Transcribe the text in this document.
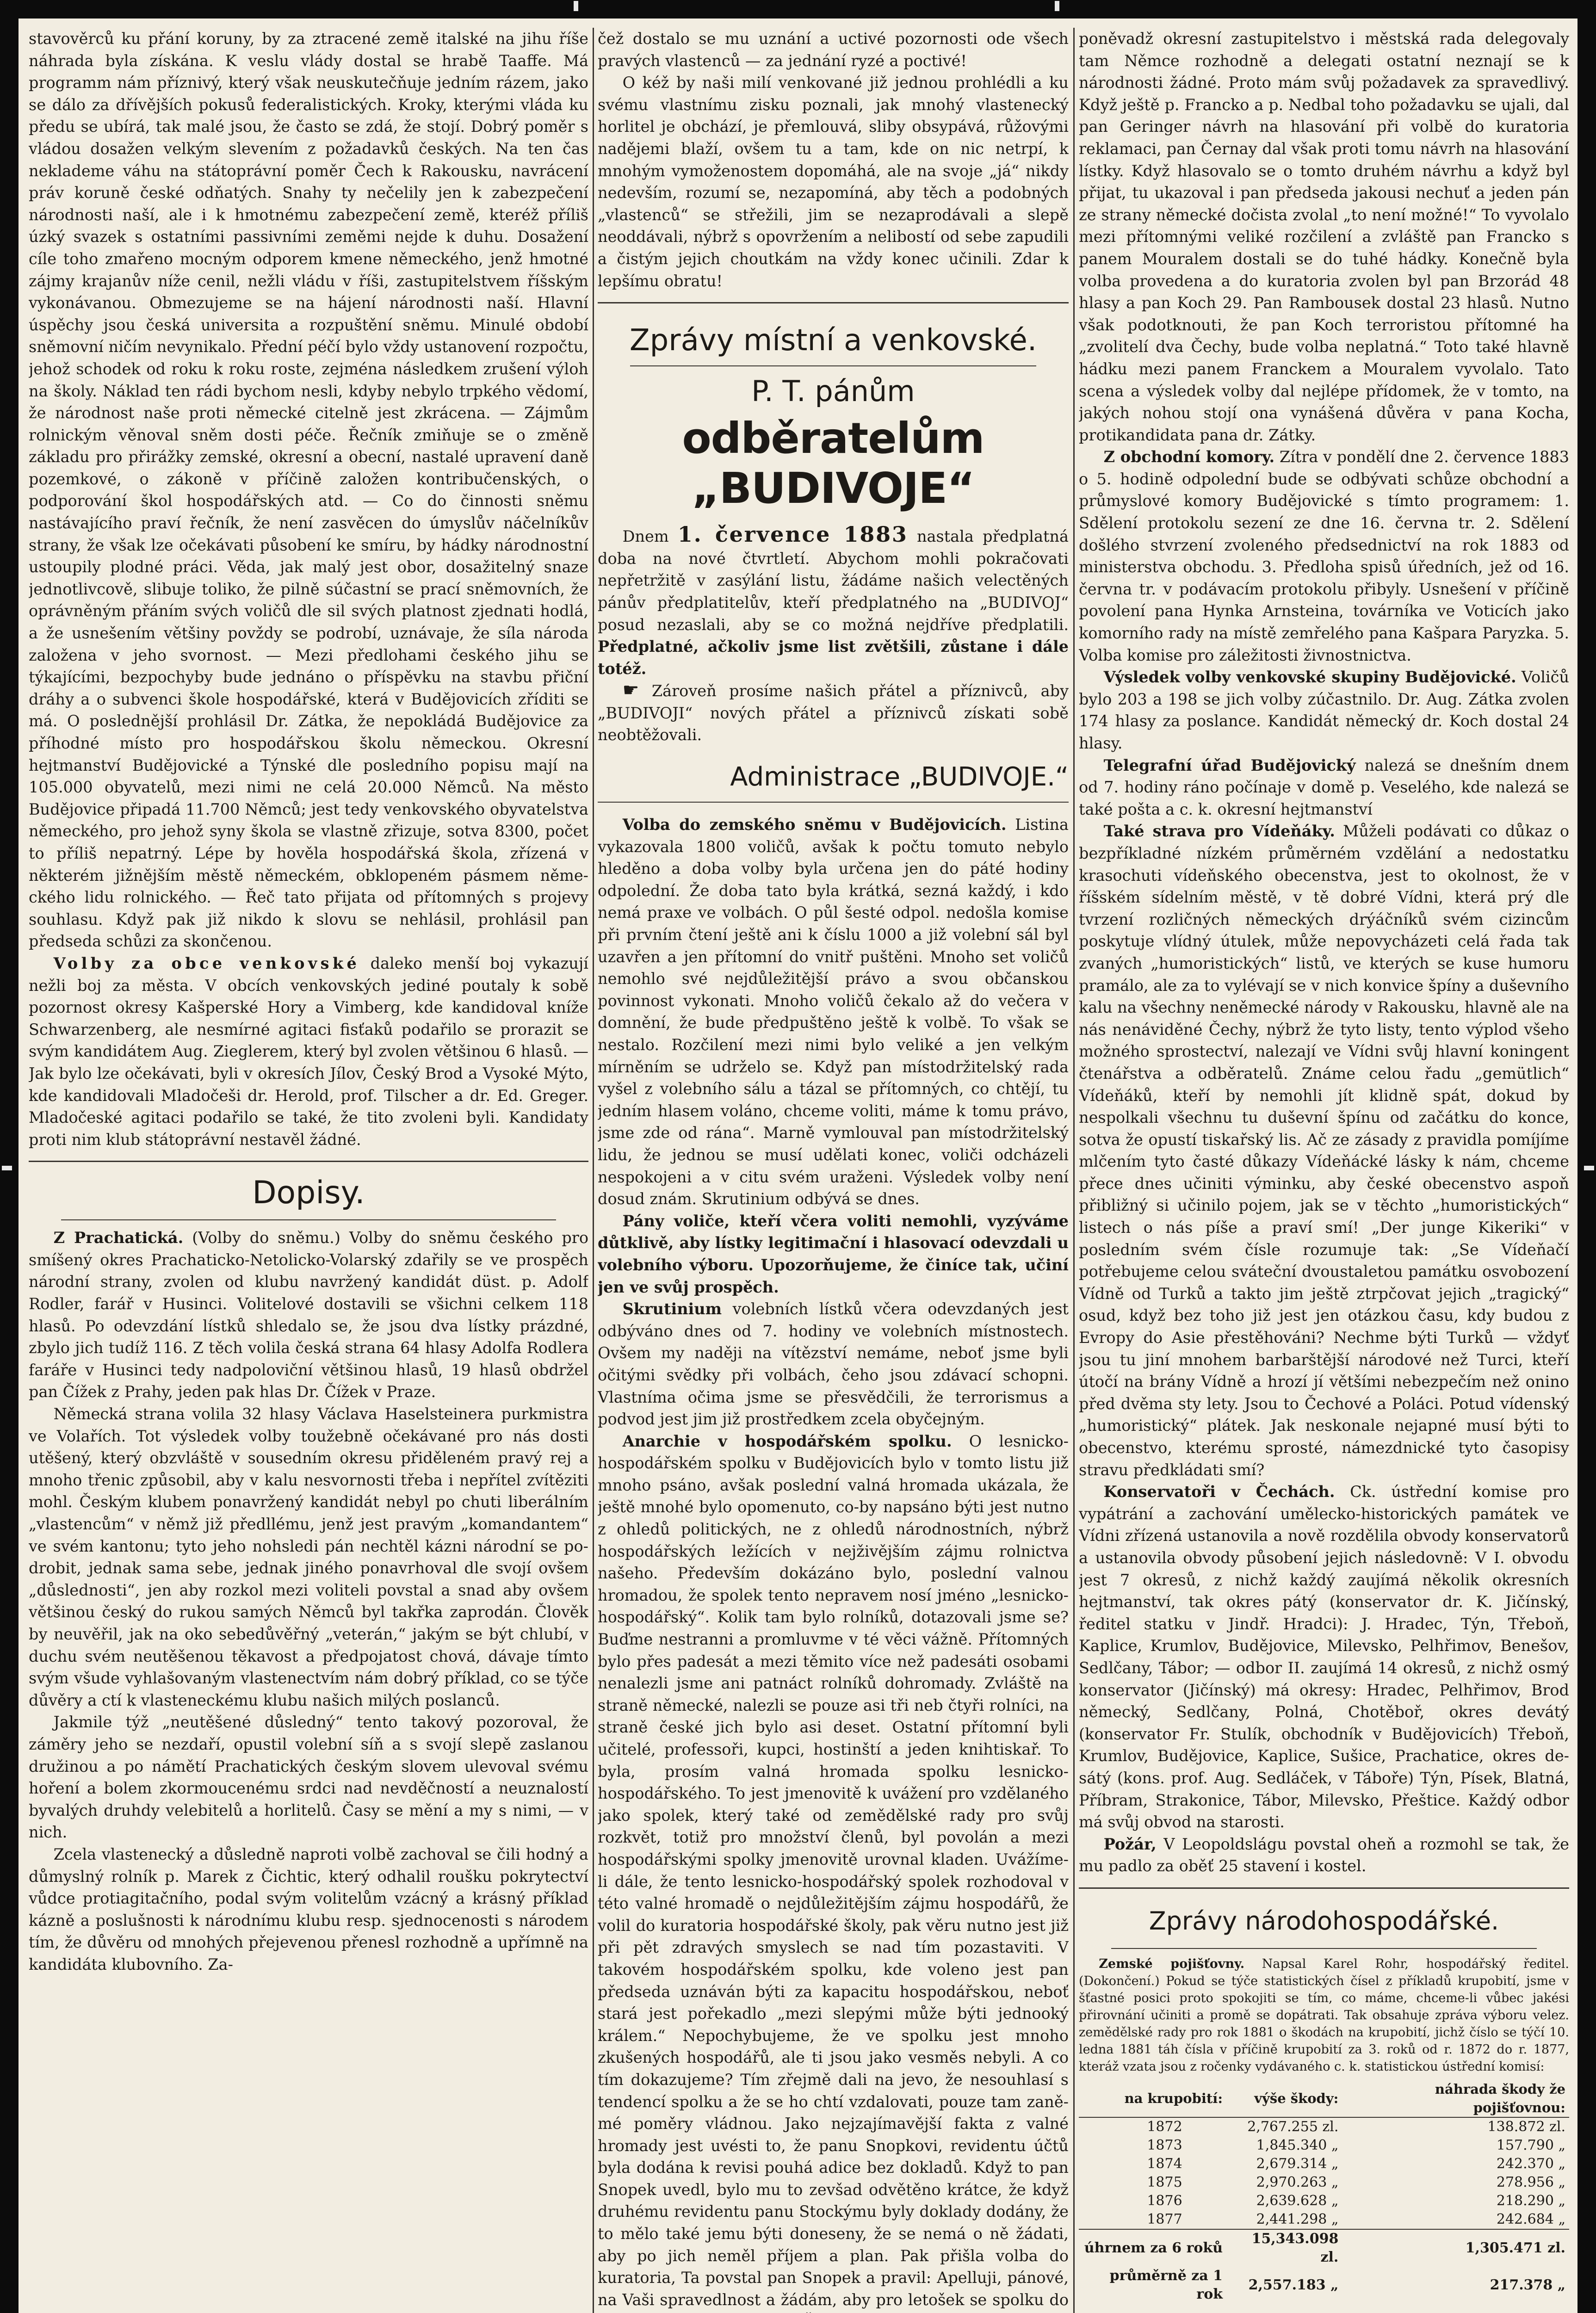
stavověrců ku přání koruny, by za ztracené země italské na jihu říše náhrada byla získána. K veslu vlády dostal se hrabě Taaffe. Má programm nám příznivý, který však neuskutečňuje jedním rázem, jako se dálo za dřívějších pokusů federalistických. Kroky, kterými vláda ku předu se ubírá, tak malé jsou, že často se zdá, že stojí. Dobrý poměr s vládou dosažen velkým slevením z požadavků českých. Na ten čas neklademe váhu na státoprávní poměr Čech k Rakousku, navrácení práv koruně české odňatých. Snahy ty nečelily jen k zabezpečení národnosti naší, ale i k hmotnému zabezpečení země, kteréž příliš úzký svazek s ostatními passivními zeměmi nejde k duhu. Dosažení cíle toho zmařeno mocným odporem kmene německého, jenž hmotné zájmy krajanův níže cenil, nežli vládu v říši, zastupitelstvem říšským vykonávanou. Obmezujeme se na hájení národnosti naší. Hlavní úspěchy jsou česká universita a rozpuštění sněmu. Minulé období sněmovní ničím nevynikalo. Přední péčí bylo vždy ustanovení rozpočtu, jehož schodek od roku k roku roste, zejména následkem zrušení výloh na školy. Náklad ten rádi bychom nesli, kdyby nebylo trpkého vědomí, že národnost naše proti německé citelně jest zkrácena. — Zájmům rolnickým věnoval sněm dosti péče. Řečník zmiňuje se o změně základu pro přirážky zemské, okresní a obecní, nastalé upravení daně pozemkové, o zákoně v příčině založen kontribučenských, o podporování škol hospodářských atd. — Co do činnosti sněmu nastávajícího praví řečník, že není zasvěcen do úmyslův náčelníkův strany, že však lze očekávati působení ke smíru, by hádky národnostní ustoupily plodné práci. Věda, jak malý jest obor, dosažitelný snaze jednotlivcově, slibuje toliko, že pilně súčastní se prací sněmovních, že oprávněným přáním svých voličů dle sil svých platnost zjednati hodlá, a že usnešením většiny povždy se podrobí, uznávaje, že síla národa založena v jeho svornost. — Mezi předlohami českého jihu se týkajícími, bezpochyby bude jednáno o příspěvku na stavbu přiční dráhy a o subvenci škole hospodářské, která v Budějovicích zříditi se má. O poslednější prohlásil Dr. Zátka, že nepokládá Budějovice za příhodné místo pro hospodářskou školu německou. Okresní hejtmanství Budějovické a Týnské dle posledního popisu mají na 105.000 obyvatelů, mezi nimi ne celá 20.000 Němců. Na město Budějovice připadá 11.700 Němců; jest tedy venkovského obyvatelstva německého, pro jehož syny škola se vlastně zřizuje, sotva 8300, počet to příliš nepatrný. Lépe by hověla hospodářská škola, zřízená v některém jižnějším městě německém, obklopeném pásmem německého lidu rolnického. — Řeč tato přijata od přítomných s projevy souhlasu. Když pak již nikdo k slovu se nehlásil, prohlásil pan předseda schůzi za skončenou.

Volby za obce venkovské daleko menší boj vykazují nežli boj za města. V obcích venkovských jediné poutaly k sobě pozornost okresy Kašperské Hory a Vimberg, kde kandidoval kníže Schwarzenberg, ale nesmírné agitaci fisťaků podařilo se prorazit se svým kandidátem Aug. Zieglerem, který byl zvolen většinou 6 hlasů. — Jak bylo lze očekávati, byli v okresích Jílov, Český Brod a Vysoké Mýto, kde kandidovali Mladočeši dr. Herold, prof. Tilscher a dr. Ed. Greger. Mladočeské agitaci podařilo se také, že tito zvoleni byli. Kandidaty proti nim klub státoprávní nestavěl žádné.

Dopisy.

Z Prachatická. (Volby do sněmu.) Volby do sněmu českého pro smíšený okres Prachaticko-Netolicko-Volarský zdařily se ve prospěch národní strany, zvolen od klubu navržený kandidát düst. p. Adolf Rodler, farář v Husinci. Volitelové dostavili se všichni celkem 118 hlasů. Po odevzdání lístků shledalo se, že jsou dva lístky prázdné, zbylo jich tudíž 116. Z těch volila česká strana 64 hlasy Adolfa Rodlera faráře v Husinci tedy nadpoloviční většinou hlasů, 19 hlasů obdržel pan Čížek z Prahy, jeden pak hlas Dr. Čížek v Praze.

Německá strana volila 32 hlasy Václava Haselsteinera purkmistra ve Volařích. Tot výsledek volby toužebně očekávané pro nás dosti utěšený, který obzvláště v sousedním okresu přiděleném pravý rej a mnoho třenic způsobil, aby v kalu nesvornosti třeba i nepřítel zvítěziti mohl. Českým klubem ponavržený kandidát nebyl po chuti liberálním „vlastencům“ v němž již předllému, jenž jest pravým „komandantem“ ve svém kantonu; tyto jeho nohsledi pán nechtěl kázni národní se podrobit, jednak sama sebe, jednak jiného ponavrhoval dle svojí ovšem „důslednosti“, jen aby rozkol mezi voliteli povstal a snad aby ovšem většinou český do rukou samých Němců byl takřka zaprodán. Člověk by neuvěřil, jak na oko sebedůvěřný „veterán,“ jakým se být chlubí, v duchu svém neutěšenou těkavost a předpojatost chová, dávaje tímto svým všude vyhlašovaným vlastenectvím nám dobrý příklad, co se týče důvěry a ctí k vlasteneckému klubu našich milých poslanců.

Jakmile týž „neutěšené důsledný“ tento takový pozoroval, že záměry jeho se nezdaří, opustil volební síň a s svojí slepě zaslanou družinou a po námětí Prachatických českým slovem ulevoval svému hoření a bolem zkormoucenému srdci nad nevděčností a neuznalostí byvalých druhdy velebitelů a horlitelů. Časy se mění a my s nimi, — v nich.

Zcela vlastenecký a důsledně naproti volbě zachoval se čili hodný a důmyslný rolník p. Marek z Čichtic, který odhalil roušku pokrytectví vůdce protiagitačního, podal svým volitelům vzácný a krásný příklad kázně a poslušnosti k národnímu klubu resp. sjednocenosti s národem tím, že důvěru od mnohých přejevenou přenesl rozhodně a upřímně na kandidáta klubovního. Za-

čež dostalo se mu uznání a uctivé pozornosti ode všech pravých vlastenců — za jednání ryzé a poctivé!

O kéž by naši milí venkované již jednou prohlédli a ku svému vlastnímu zisku poznali, jak mnohý vlastenecký horlitel je obchází, je přemlouvá, sliby obsypává, růžovými nadějemi blaží, ovšem tu a tam, kde on nic netrpí, k mnohým vymoženostem dopomáhá, ale na svoje „já“ nikdy nedevším, rozumí se, nezapomíná, aby těch a podobných „vlastenců“ se střežili, jim se nezaprodávali a slepě neoddávali, nýbrž s opovržením a nelibostí od sebe zapudili a čistým jejich choutkám na vždy konec učinili. Zdar k lepšímu obratu!

Zprávy místní a venkovské.
P. T. pánům
odběratelům „BUDIVOJE“

Dnem 1. července 1883 nastala předplatná doba na nové čtvrtletí. Abychom mohli pokračovati nepřetržitě v zasýlání listu, žádáme našich velectěných pánův předplatitelův, kteří předplatného na „BUDIVOJ“ posud nezaslali, aby se co možná nejdříve předplatili. Předplatné, ačkoliv jsme list zvětšili, zůstane i dále totéž.

☛ Zároveň prosíme našich přátel a příznivců, aby „BUDIVOJI“ nových přátel a příznivců získati sobě neobtěžovali.

Administrace „BUDIVOJE.“

Volba do zemského sněmu v Budějovicích. Listina vykazovala 1800 voličů, avšak k počtu tomuto nebylo hleděno a doba volby byla určena jen do páté hodiny odpolední. Že doba tato byla krátká, sezná každý, i kdo nemá praxe ve volbách. O půl šesté odpol. nedošla komise při prvním čtení ještě ani k číslu 1000 a již volební sál byl uzavřen a jen přítomní do vnitř puštěni. Mnoho set voličů nemohlo své nejdůležitější právo a svou občanskou povinnost vykonati. Mnoho voličů čekalo až do večera v domnění, že bude předpuštěno ještě k volbě. To však se nestalo. Rozčilení mezi nimi bylo veliké a jen velkým mírněním se udrželo se. Když pan místodržitelský rada vyšel z volebního sálu a tázal se přítomných, co chtějí, tu jedním hlasem voláno, chceme voliti, máme k tomu právo, jsme zde od rána“. Marně vymlouval pan místodržitelský lidu, že jednou se musí udělati konec, voliči odcházeli nespokojeni a v citu svém uraženi. Výsledek volby není dosud znám. Skrutinium odbývá se dnes.

Pány voliče, kteří včera voliti nemohli, vyzýváme důtklivě, aby lístky legitimační i hlasovací odevzdali u volebního výboru. Upozorňujeme, že činíce tak, učiní jen ve svůj prospěch.

Skrutinium volebních lístků včera odevzdaných jest odbýváno dnes od 7. hodiny ve volebních místnostech. Ovšem my naději na vítězství nemáme, neboť jsme byli očitými svědky při volbách, čeho jsou zdávací schopni. Vlastníma očima jsme se přesvědčili, že terrorismus a podvod jest jim již prostředkem zcela obyčejným.

Anarchie v hospodářském spolku. O lesnicko-hospodářském spolku v Budějovicích bylo v tomto listu již mnoho psáno, avšak poslední valná hromada ukázala, že ještě mnohé bylo opomenuto, co-by napsáno býti jest nutno z ohledů politických, ne z ohledů národnostních, nýbrž hospodářských ležících v nejživějším zájmu rolnictva našeho. Především dokázáno bylo, poslední valnou hromadou, že spolek tento nepravem nosí jméno „lesnicko-hospodářský“. Kolik tam bylo rolníků, dotazovali jsme se? Buďme nestranni a promluvme v té věci vážně. Přítomných bylo přes padesát a mezi těmito více než padesáti osobami nenalezli jsme ani patnáct rolníků dohromady. Zvláště na straně německé, nalezli se pouze asi tři neb čtyři rolníci, na straně české jich bylo asi deset. Ostatní přítomní byli učitelé, professoři, kupci, hostinští a jeden knihtiskař. To byla, prosím valná hromada spolku lesnicko-hospodářského. To jest jmenovitě k uvážení pro vzdělaného jako spolek, který také od zemědělské rady pro svůj rozkvět, totiž pro množství členů, byl povolán a mezi hospodářskými spolky jmenovitě urovnal kladen. Uvážíme-li dále, že tento lesnicko-hospodářský spolek rozhodoval v této valné hromadě o nejdůležitějším zájmu hospodářů, že volil do kuratoria hospodářské školy, pak věru nutno jest již při pět zdravých smyslech se nad tím pozastaviti. V takovém hospodářském spolku, kde voleno jest pan předseda uznáván býti za kapacitu hospodářskou, neboť stará jest pořekadlo „mezi slepými může býti jednooký králem.“ Nepochybujeme, že ve spolku jest mnoho zkušených hospodářů, ale ti jsou jako vesměs nebyli. A co tím dokazujeme? Tím zřejmě dali na jevo, že nesouhlasí s tendencí spolku a že se ho chtí vzdalovati, pouze tam zaněmé poměry vládnou. Jako nejzajímavější fakta z valné hromady jest uvésti to, že panu Snopkovi, revidentu účtů byla dodána k revisi pouhá adice bez dokladů. Když to pan Snopek uvedl, bylo mu to zevšad odvětěno krátce, že když druhému revidentu panu Stockýmu byly doklady dodány, že to mělo také jemu býti doneseny, že se nemá o ně žádati, aby po jich neměl příjem a plan. Pak přišla volba do kuratoria, Ta povstal pan Snopek a pravil: Apelluji, pánové, na Vaši spravedlnost a žádám, aby pro letošek se spolku do

poněvadž okresní zastupitelstvo i městská rada delegovaly tam Němce rozhodně a delegati ostatní neznají se k národnosti žádné. Proto mám svůj požadavek za spravedlivý. Když ještě p. Francko a p. Nedbal toho požadavku se ujali, dal pan Geringer návrh na hlasování při volbě do kuratoria reklamaci, pan Černay dal však proti tomu návrh na hlasování lístky. Když hlasovalo se o tomto druhém návrhu a když byl přijat, tu ukazoval i pan předseda jakousi nechuť a jeden pán ze strany německé dočista zvolal „to není možné!“ To vyvolalo mezi přítomnými veliké rozčilení a zvláště pan Francko s panem Mouralem dostali se do tuhé hádky. Konečně byla volba provedena a do kuratoria zvolen byl pan Brzorád 48 hlasy a pan Koch 29. Pan Rambousek dostal 23 hlasů. Nutno však podotknouti, že pan Koch terroristou přítomné ha „zvolitelí dva Čechy, bude volba neplatná.“ Toto také hlavně hádku mezi panem Franckem a Mouralem vyvolalo. Tato scena a výsledek volby dal nejlépe přídomek, že v tomto, na jakých nohou stojí ona vynášená důvěra v pana Kocha, protikandidata pana dr. Zátky.

Z obchodní komory. Zítra v pondělí dne 2. července 1883 o 5. hodině odpolední bude se odbývati schůze obchodní a průmyslové komory Budějovické s tímto programem: 1. Sdělení protokolu sezení ze dne 16. června tr. 2. Sdělení došlého stvrzení zvoleného předsednictví na rok 1883 od ministerstva obchodu. 3. Předloha spisů úředních, jež od 16. června tr. v podávacím protokolu přibyly. Usnešení v příčině povolení pana Hynka Arnsteina, továrníka ve Voticích jako komorního rady na místě zemřelého pana Kašpara Paryzka. 5. Volba komise pro záležitosti živnostnictva.

Výsledek volby venkovské skupiny Budějovické. Voličů bylo 203 a 198 se jich volby zúčastnilo. Dr. Aug. Zátka zvolen 174 hlasy za poslance. Kandidát německý dr. Koch dostal 24 hlasy.

Telegrafní úřad Budějovický nalezá se dnešním dnem od 7. hodiny ráno počínaje v domě p. Veselého, kde nalezá se také pošta a c. k. okresní hejtmanství

Také strava pro Vídeňáky. Můželi podávati co důkaz o bezpříkladné nízkém průměrném vzdělání a nedostatku krasochuti vídeňského obecenstva, jest to okolnost, že v říšském sídelním městě, v tě dobré Vídni, která prý dle tvrzení rozličných německých drýáčníků svém cizincům poskytuje vlídný útulek, může nepovycházeti celá řada tak zvaných „humoristických“ listů, ve kterých se kuse humoru pramálo, ale za to vylévají se v nich konvice špíny a duševního kalu na všechny neněmecké národy v Rakousku, hlavně ale na nás nenáviděné Čechy, nýbrž že tyto listy, tento výplod všeho možného sprostectví, nalezají ve Vídni svůj hlavní koningent čtenářstva a odběratelů. Známe celou řadu „gemütlich“ Vídeňáků, kteří by nemohli jít klidně spát, dokud by nespolkali všechnu tu duševní špínu od začátku do konce, sotva že opustí tiskařský lis. Ač ze zásady z pravidla pomíjíme mlčením tyto časté důkazy Vídeňácké lásky k nám, chceme přece dnes učiniti výminku, aby české obecenstvo aspoň přibližný si učinilo pojem, jak se v těchto „humoristických“ listech o nás píše a praví smí! „Der junge Kikeriki“ v posledním svém čísle rozumuje tak: „Se Vídeňačí potřebujeme celou sváteční dvoustaletou památku osvobození Vídně od Turků a takto jim ještě ztrpčovat jejich „tragický“ osud, když bez toho již jest jen otázkou času, kdy budou z Evropy do Asie přestěhováni? Nechme býti Turků — vždyť jsou tu jiní mnohem barbarštější národové než Turci, kteří útočí na brány Vídně a hrozí jí většími nebezpečím než onino před dvěma sty lety. Jsou to Čechové a Poláci. Potud vídenský „humoristický“ plátek. Jak neskonale nejapné musí býti to obecenstvo, kterému sprosté, námezdnické tyto časopisy stravu předkládati smí?

Konservatoři v Čechách. Ck. ústřední komise pro vypátrání a zachování umělecko-historických památek ve Vídni zřízená ustanovila a nově rozdělila obvody konservatorů a ustanovila obvody působení jejich následovně: V I. obvodu jest 7 okresů, z nichž každý zaujímá několik okresních hejtmanství, tak okres pátý (konservator dr. K. Jičínský, ředitel statku v Jindř. Hradci): J. Hradec, Týn, Třeboň, Kaplice, Krumlov, Budějovice, Milevsko, Pelhřimov, Benešov, Sedlčany, Tábor; — odbor II. zaujímá 14 okresů, z nichž osmý konservator (Jičínský) má okresy: Hradec, Pelhřimov, Brod německý, Sedlčany, Polná, Chotěboř, okres devátý (konservator Fr. Stulík, obchodník v Budějovicích) Třeboň, Krumlov, Budějovice, Kaplice, Sušice, Prachatice, okres desátý (kons. prof. Aug. Sedláček, v Táboře) Týn, Písek, Blatná, Příbram, Strakonice, Tábor, Milevsko, Přeštice. Každý odbor má svůj obvod na starosti.

Požár, V Leopoldslágu povstal oheň a rozmohl se tak, že mu padlo za oběť 25 stavení i kostel.

Zprávy národohospodářské.

Zemské pojišťovny. Napsal Karel Rohr, hospodářský ředitel. (Dokončení.) Pokud se týče statistických čísel z příkladů krupobití, jsme v šťastné posici proto spokojiti se tím, co máme, chceme-li vůbec jakési přirovnání učiniti a promě se dopátrati. Tak obsahuje zpráva výboru velez. zemědělské rady pro rok 1881 o škodách na krupobití, jichž číslo se týčí 10. ledna 1881 táh čísla v příčině krupobití za 3. roků od r. 1872 do r. 1877, kteráž vzata jsou z ročenky vydávaného c. k. statistickou ústřední komisí:

na krupobití:	výše škody:	náhrada škody že pojišťovnou:
1872	2,767.255 zl.	138.872 zl.
1873	1,845.340 „	157.790 „
1874	2,679.314 „	242.370 „
1875	2,970.263 „	278.956 „
1876	2,639.628 „	218.290 „
1877	2,441.298 „	242.684 „
úhrnem za 6 roků	15,343.098 zl.	1,305.471 zl.
průměrně za 1 rok	2,557.183 „	217.378 „
